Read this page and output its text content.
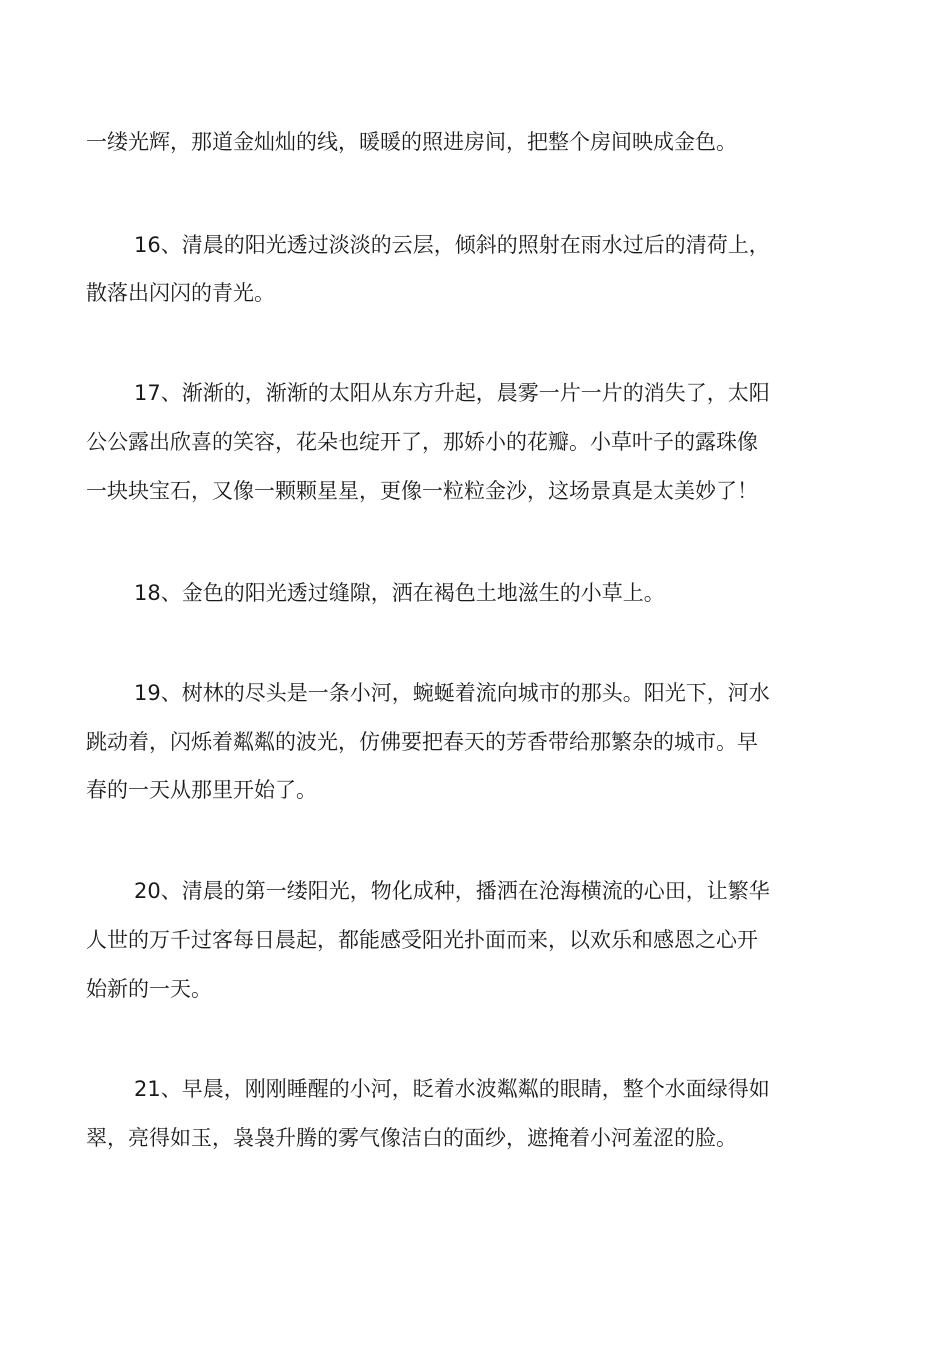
一缕光辉，那道金灿灿的线，暖暖的照进房间，把整个房间映成金色。
16、清晨的阳光透过淡淡的云层，倾斜的照射在雨水过后的清荷上，
散落出闪闪的青光。
17、渐渐的，渐渐的太阳从东方升起，晨雾一片一片的消失了，太阳
公公露出欣喜的笑容，花朵也绽开了，那娇小的花瓣。小草叶子的露珠像
一块块宝石，又像一颗颗星星，更像一粒粒金沙，这场景真是太美妙了！
18、金色的阳光透过缝隙，洒在褐色土地滋生的小草上。
19、树林的尽头是一条小河，蜿蜒着流向城市的那头。阳光下，河水
跳动着，闪烁着粼粼的波光，仿佛要把春天的芳香带给那繁杂的城市。早
春的一天从那里开始了。
20、清晨的第一缕阳光，物化成种，播洒在沧海横流的心田，让繁华
人世的万千过客每日晨起，都能感受阳光扑面而来，以欢乐和感恩之心开
始新的一天。
21、早晨，刚刚睡醒的小河，眨着水波粼粼的眼睛，整个水面绿得如
翠，亮得如玉，袅袅升腾的雾气像洁白的面纱，遮掩着小河羞涩的脸。
